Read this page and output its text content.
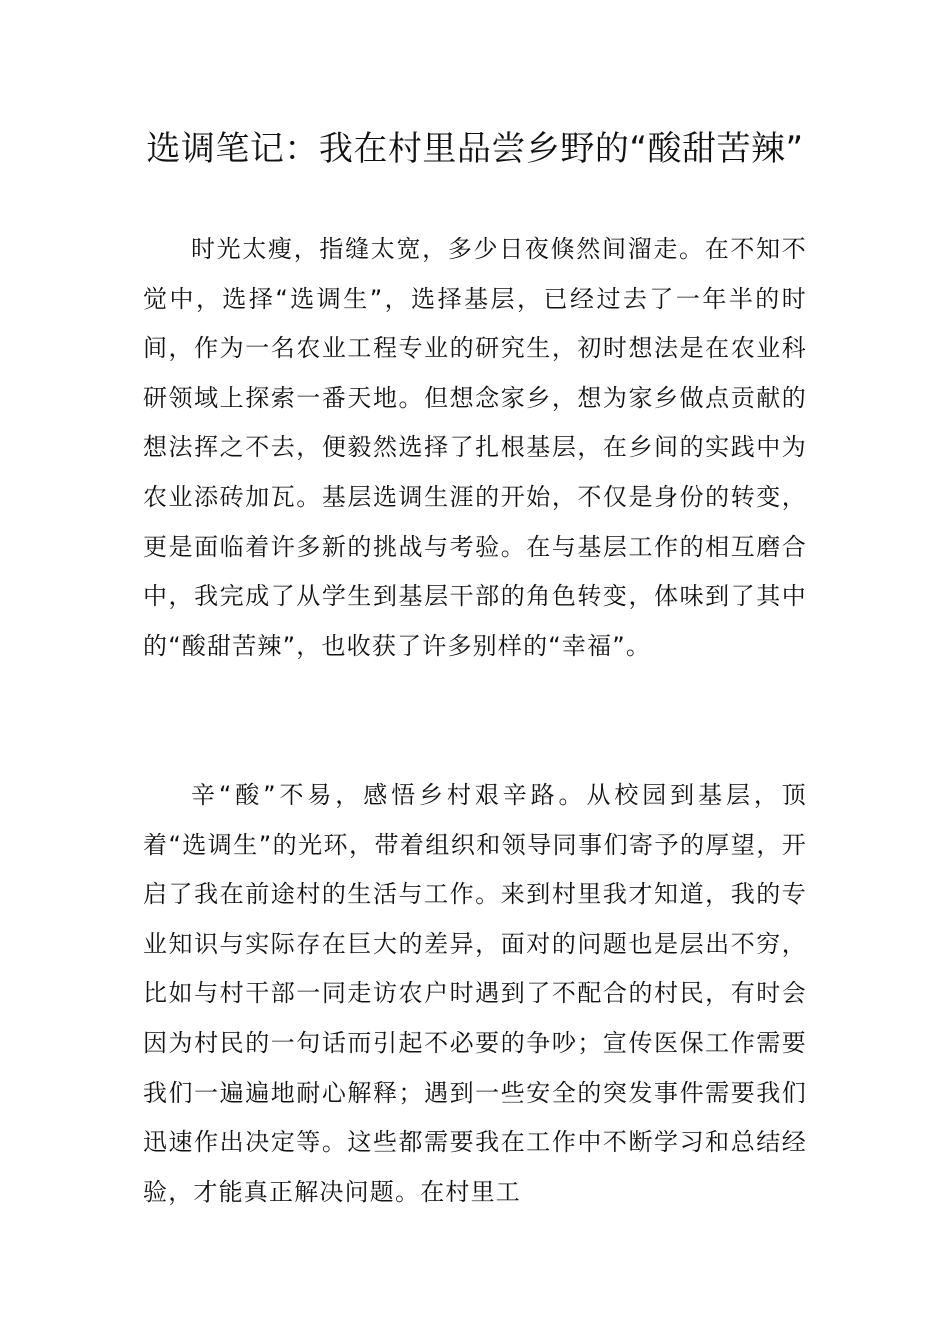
选调笔记：我在村里品尝乡野的“酸甜苦辣”

时光太瘦，指缝太宽，多少日夜倏然间溜走。在不知不觉中，选择“选调生”，选择基层，已经过去了一年半的时间，作为一名农业工程专业的研究生，初时想法是在农业科研领域上探索一番天地。但想念家乡，想为家乡做点贡献的想法挥之不去，便毅然选择了扎根基层，在乡间的实践中为农业添砖加瓦。基层选调生涯的开始，不仅是身份的转变，更是面临着许多新的挑战与考验。在与基层工作的相互磨合中，我完成了从学生到基层干部的角色转变，体味到了其中的“酸甜苦辣”，也收获了许多别样的“幸福”。

辛“酸”不易，感悟乡村艰辛路。从校园到基层，顶着“选调生”的光环，带着组织和领导同事们寄予的厚望，开启了我在前途村的生活与工作。来到村里我才知道，我的专业知识与实际存在巨大的差异，面对的问题也是层出不穷，比如与村干部一同走访农户时遇到了不配合的村民，有时会因为村民的一句话而引起不必要的争吵；宣传医保工作需要我们一遍遍地耐心解释；遇到一些安全的突发事件需要我们迅速作出决定等。这些都需要我在工作中不断学习和总结经验，才能真正解决问题。在村里工
